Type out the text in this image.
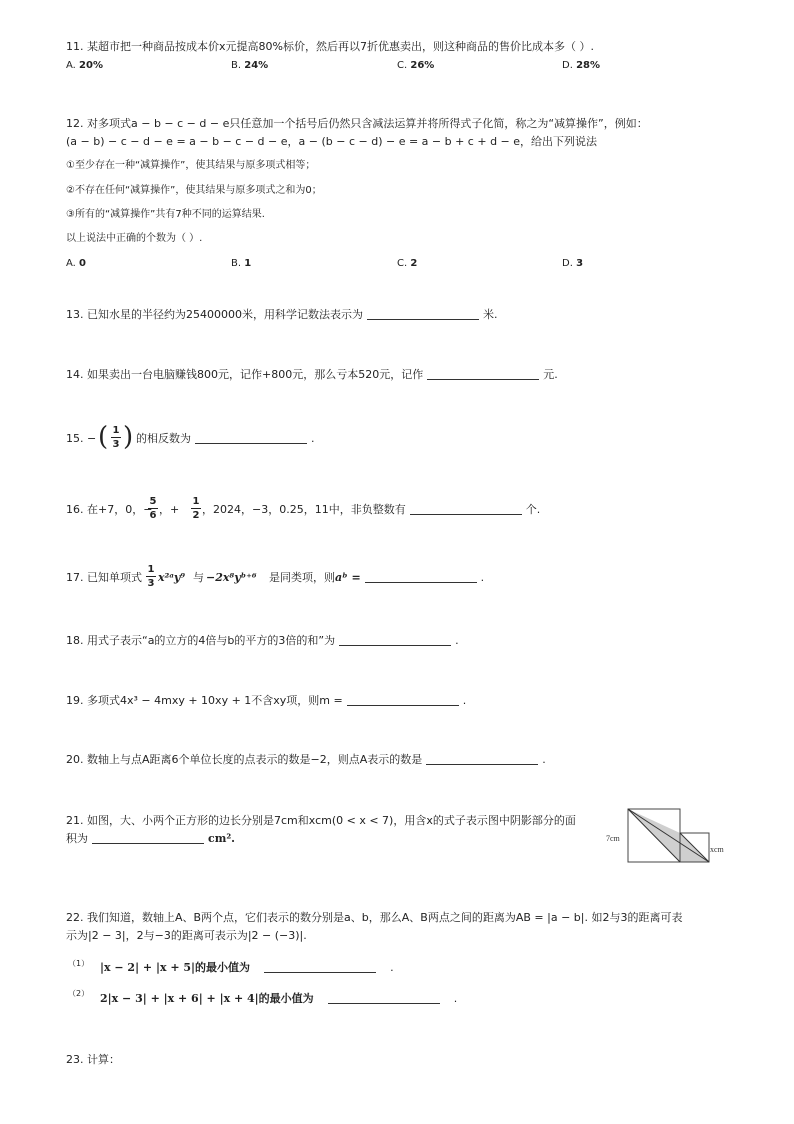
11. 某超市把一种商品按成本价x元提高80%标价，然后再以7折优惠卖出，则这种商品的售价比成本多（ ）.
A. 20%	B. 24%	C. 26%	D. 28%
12. 对多项式a − b − c − d − e只任意加一个括号后仍然只含减法运算并将所得式子化简，称之为“减算操作”，例如：
(a − b) − c − d − e = a − b − c − d − e，a − (b − c − d) − e = a − b + c + d − e，给出下列说法
①至少存在一种“减算操作”，使其结果与原多项式相等；
②不存在任何“减算操作”，使其结果与原多项式之和为0；
③所有的“减算操作”共有7种不同的运算结果.
以上说法中正确的个数为（ ）.
A. 0	B. 1	C. 2	D. 3
13. 已知水星的半径约为25400000米，用科学记数法表示为	米.
14. 如果卖出一台电脑赚钱800元，记作+800元，那么亏本520元，记作	元.
15. − ( 1
3 ) 的相反数为	.
16. 在+7，0，−
5
6 ，+
1
2 ，2024，−3，0.25，11中，非负整数有	个.
17. 已知单项式
1
3 x²ᵃy⁹ 与 −2x⁸yᵇ⁺⁶ 是同类项，则aᵇ =	.
18. 用式子表示“a的立方的4倍与b的平方的3倍的和”为	.
19. 多项式4x³ − 4mxy + 10xy + 1不含xy项，则m =	.
20. 数轴上与点A距离6个单位长度的点表示的数是−2，则点A表示的数是	.
21. 如图，大、小两个正方形的边长分别是7cm和xcm(0 < x < 7)，用含x的式子表示图中阴影部分的面
积为	cm².	7cm
xcm
22. 我们知道，数轴上A、B两个点，它们表示的数分别是a、b，那么A、B两点之间的距离为AB = |a − b|. 如2与3的距离可表
示为|2 − 3|，2与−3的距离可表示为|2 − (−3)|.
（1） |x − 2| + |x + 5|的最小值为	.
（2） 2|x − 3| + |x + 6| + |x + 4|的最小值为	.
23. 计算：
